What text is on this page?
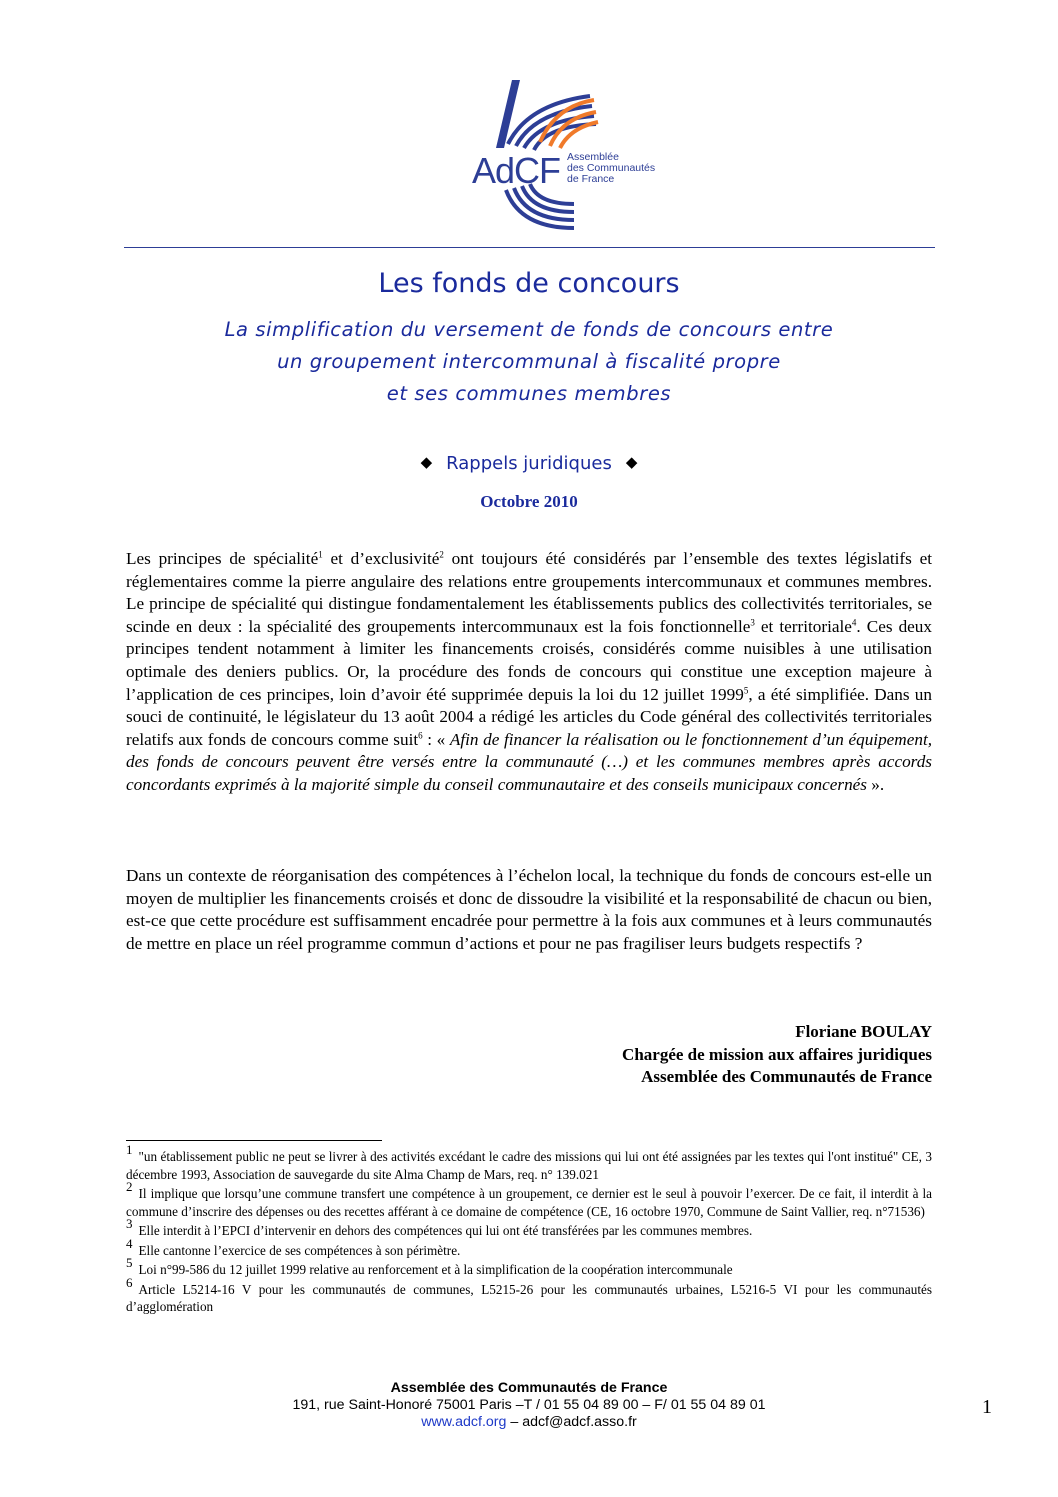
AdCF Assemblée
des Communautés
de France
Les fonds de concours
La simplification du versement de fonds de concours entre
un groupement intercommunal à fiscalité propre
et ses communes membres
◆ Rappels juridiques ◆
Octobre 2010

Les principes de spécialité$^1$ et d’exclusivité$^2$ ont toujours été considérés par l’ensemble des textes législatifs et réglementaires comme la pierre angulaire des relations entre groupements intercommunaux et communes membres. Le principe de spécialité qui distingue fondamentalement les établissements publics des collectivités territoriales, se scinde en deux : la spécialité des groupements intercommunaux est la fois fonctionnelle$^3$ et territoriale$^4$. Ces deux principes tendent notamment à limiter les financements croisés, considérés comme nuisibles à une utilisation optimale des deniers publics. Or, la procédure des fonds de concours qui constitue une exception majeure à l’application de ces principes, loin d’avoir été supprimée depuis la loi du 12 juillet 1999$^5$, a été simplifiée. Dans un souci de continuité, le législateur du 13 août 2004 a rédigé les articles du Code général des collectivités territoriales relatifs aux fonds de concours comme suit$^6$ : « Afin de financer la réalisation ou le fonctionnement d’un équipement, des fonds de concours peuvent être versés entre la communauté (…) et les communes membres après accords concordants exprimés à la majorité simple du conseil communautaire et des conseils municipaux concernés ».

Dans un contexte de réorganisation des compétences à l’échelon local, la technique du fonds de concours est-elle un moyen de multiplier les financements croisés et donc de dissoudre la visibilité et la responsabilité de chacun ou bien, est-ce que cette procédure est suffisamment encadrée pour permettre à la fois aux communes et à leurs communautés de mettre en place un réel programme commun d’actions et pour ne pas fragiliser leurs budgets respectifs ?

Floriane BOULAY
Chargée de mission aux affaires juridiques
Assemblée des Communautés de France

1 "un établissement public ne peut se livrer à des activités excédant le cadre des missions qui lui ont été assignées par les textes qui l'ont institué" CE, 3 décembre 1993, Association de sauvegarde du site Alma Champ de Mars, req. n° 139.021

2 Il implique que lorsqu’une commune transfert une compétence à un groupement, ce dernier est le seul à pouvoir l’exercer. De ce fait, il interdit à la commune d’inscrire des dépenses ou des recettes afférant à ce domaine de compétence (CE, 16 octobre 1970, Commune de Saint Vallier, req. n°71536)

3 Elle interdit à l’EPCI d’intervenir en dehors des compétences qui lui ont été transférées par les communes membres.

4 Elle cantonne l’exercice de ses compétences à son périmètre.

5 Loi n°99-586 du 12 juillet 1999 relative au renforcement et à la simplification de la coopération intercommunale

6 Article L5214-16 V pour les communautés de communes, L5215-26 pour les communautés urbaines, L5216-5 VI pour les communautés d’agglomération

Assemblée des Communautés de France
191, rue Saint-Honoré 75001 Paris –T / 01 55 04 89 00 – F/ 01 55 04 89 01
www.adcf.org – adcf@adcf.asso.fr
1
